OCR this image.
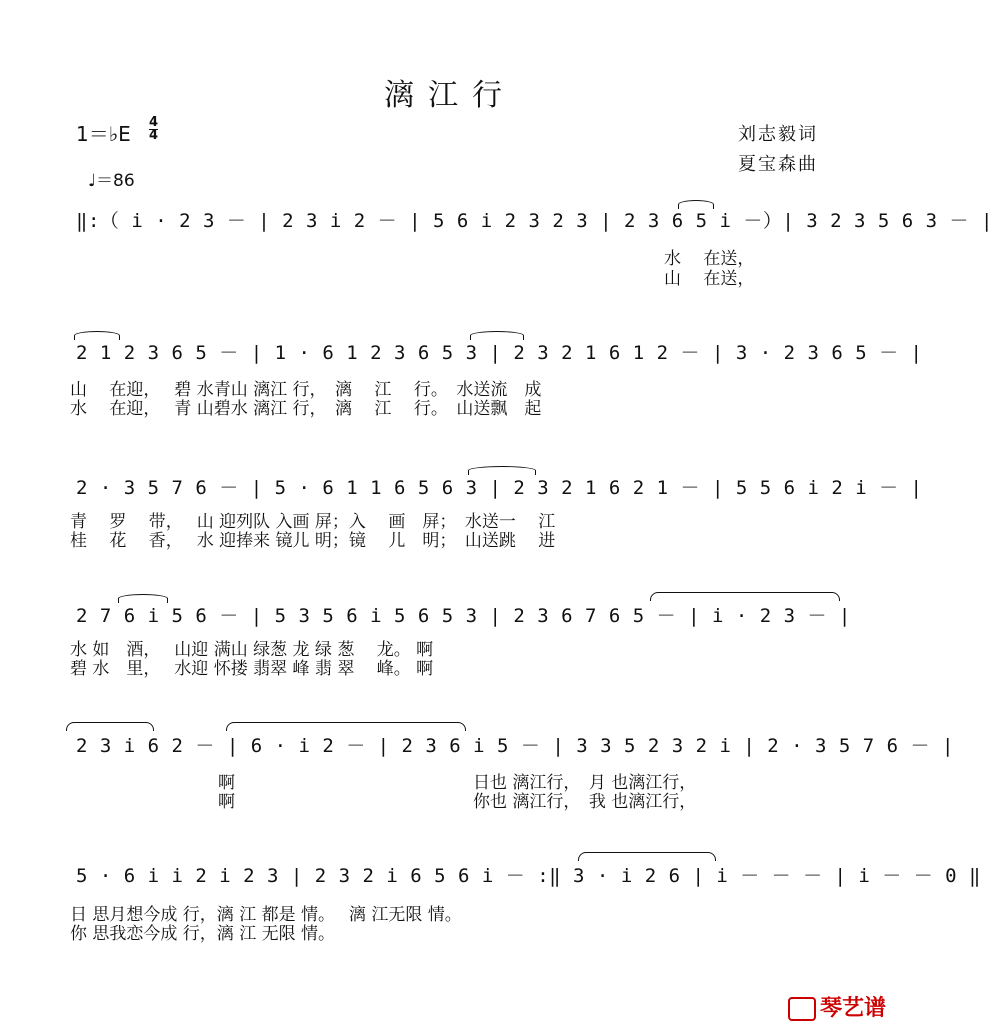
漓江行
1＝♭E 4
4
♩＝86
刘志毅词
夏宝森曲
‖:（ i · 2 3 － | 2 3 i 2 － | 5 6 i 2 3 2 3 | 2 3 6 5 i －）| 3 2 3 5 6 3 － |
水　 在送，
山　 在送，
2 1 2 3 6 5 － | 1 · 6 1 2 3 6 5 3 | 2 3 2 1 6 1 2 － | 3 · 2 3 6 5 － |
山　 在迎，　 碧 水青山 漓江 行，　漓　 江　 行。　水送流　成
水　 在迎，　 青 山碧水 漓江 行，　漓　 江　 行。　山送飘　起
2 · 3 5 7 6 － | 5 · 6 1 1 6 5 6 3 | 2 3 2 1 6 2 1 － | 5 5 6 i 2 i － |
青　 罗　 带，　 山 迎列队 入画 屏；入　 画　屏；　水送一　 江
桂　 花　 香，　 水 迎捧来 镜儿 明；镜　 儿　明；　山送跳　 进
2 7 6 i 5 6 － | 5 3 5 6 i 5 6 5 3 | 2 3 6 7 6 5 － | i · 2 3 － |
水 如　酒，　 山迎 满山 绿葱 龙 绿 葱　 龙。 啊
碧 水　里，　 水迎 怀搂 翡翠 峰 翡 翠　 峰。 啊
2 3 i 6 2 － | 6 · i 2 － | 2 3 6 i 5 － | 3 3 5 2 3 2 i | 2 · 3 5 7 6 － |
啊　　　　　　　　　　　　　　日也 漓江行，　月 也漓江行，
啊　　　　　　　　　　　　　　你也 漓江行，　我 也漓江行，
5 · 6 i i 2 i 2 3 | 2 3 2 i 6 5 6 i － :‖ 3 · i 2 6 | i － － － | i － － 0 ‖
日 思月想今成 行，漓 江 都是 情。　 漓 江无限 情。
你 思我恋今成 行，漓 江 无限 情。
琴艺谱
